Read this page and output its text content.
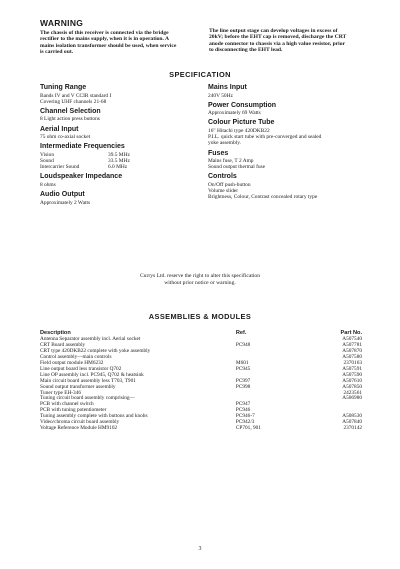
WARNING
The chassis of this receiver is connected via the bridge
rectifier to the mains supply, when it is in operation. A
mains isolation transformer should be used, when service
is carried out.
The line output stage can develop voltages in excess of
20kV; before the EHT cap is removed, discharge the CRT
anode connector to chassis via a high value resistor, prior
to disconnecting the EHT lead.
SPECIFICATION
Tuning Range
Bands IV and V CCIR standard I
Covering UHF channels 21-68
Channel Selection
8 Light action press buttons
Aerial Input
75 ohm co-axial socket
Intermediate Frequencies
Vision	39.5 MHz
Sound	33.5 MHz
Intercarrier Sound	6.0 MHz
Loudspeaker Impedance
8 ohms
Audio Output
Approximately 2 Watts
Mains Input
240V 50Hz
Power Consumption
Approximately 69 Watts
Colour Picture Tube
16" Hitachi type 420DKB22
P.I.L. quick start tube with pre-converged and sealed
yoke assembly.
Fuses
Mains fuse, T 2 Amp
Sound output thermal fuse
Controls
On/Off push-button
Volume slider
Brightness, Colour, Contrast concealed rotary type
Currys Ltd. reserve the right to alter this specification
without prior notice or warning.
ASSEMBLIES & MODULES
Description	Ref.	Part No.
Antenna Separator assembly incl. Aerial socket		A507540
CRT Board assembly	PC948	A507781
CRT type 420DKB22 complete with yoke assembly		A507870
Control assembly—main controls		A507580
Field output module HM6232	M601	2370163
Line output board less transistor Q702	PC945	A507591
Line OP assembly incl. PC945, Q702 & heatsink		A507590
Main circuit board assembly less T703, T901	PC997	A507610
Sound output transformer assembly	PC998	A507850
Tuner type EH-346		2423561
Tuning circuit board assembly comprising—		A506980
PCB with channel switch	PC947	
PCB with tuning potentiometer	PC946	
Tuning assembly complete with buttons and knobs	PC946-7	A508530
Video/chroma circuit board assembly	PC942/3	A507840
Voltage Reference Module HM9102	CP701, 901	2370142
3
